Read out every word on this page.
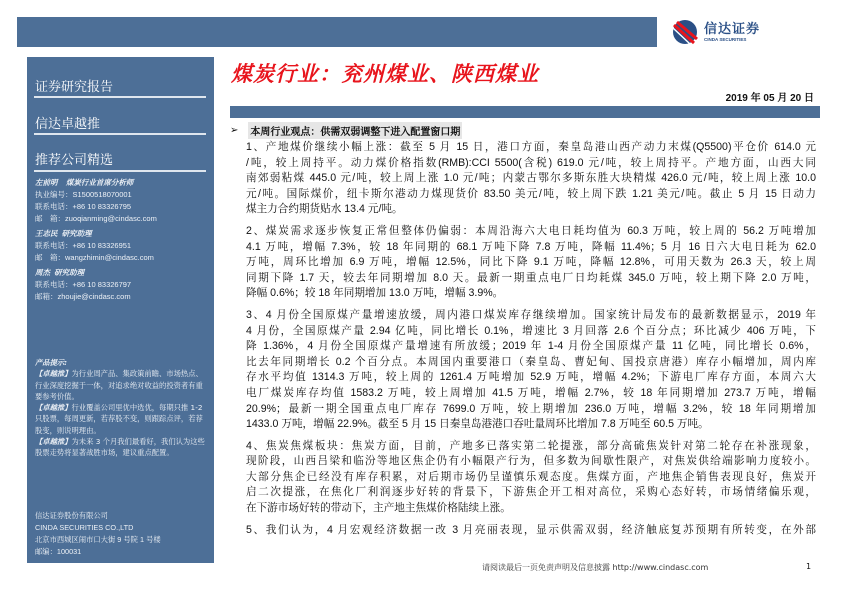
信达证券
CINDA SECURITIES
证券研究报告
信达卓越推
推荐公司精选
左前明 煤炭行业首席分析师
执业编号：S1500518070001
联系电话：+86 10 83326795
邮　箱：zuoqianming@cindasc.com
王志民 研究助理
联系电话：+86 10 83326951
邮　箱：wangzhimin@cindasc.com
周杰 研究助理
联系电话：+86 10 83326797
邮箱：zhoujie@cindasc.com
产品提示:
【卓越推】为行业周产品、集政策前瞻、市场热点、行业深度挖掘于一体，对追求绝对收益的投资者有重要参考价值。
【卓越推】行业覆盖公司里优中选优，每期只推 1-2 只股票，每周更新，若荐股不变，则跟踪点评，若荐股变，则说明理由。
【卓越推】为未来 3 个月我们最看好，我们认为这些股票走势将显著战胜市场，建议重点配置。
信达证券股份有限公司
CINDA SECURITIES CO.,LTD
北京市西城区闹市口大街 9 号院 1 号楼
邮编：100031
煤炭行业：兖州煤业、陕西煤业
2019 年 05 月 20 日
➢ 本周行业观点：供需双弱调整下进入配置窗口期
1、产地煤价继续小幅上涨：截至 5 月 15 日，港口方面，秦皇岛港山西产动力末煤(Q5500)平仓价 614.0 元
/吨，较上周持平。动力煤价格指数(RMB):CCI 5500(含税) 619.0 元/吨，较上周持平。产地方面，山西大同
南郊弱粘煤 445.0 元/吨，较上周上涨 1.0 元/吨；内蒙古鄂尔多斯东胜大块精煤 426.0 元/吨，较上周上涨 10.0
元/吨。国际煤价，纽卡斯尔港动力煤现货价 83.50 美元/吨，较上周下跌 1.21 美元/吨。截止 5 月 15 日动力
煤主力合约期货贴水 13.4 元/吨。
2、煤炭需求逐步恢复正常但整体仍偏弱：本周沿海六大电日耗均值为 60.3 万吨，较上周的 56.2 万吨增加
4.1 万吨，增幅 7.3%，较 18 年同期的 68.1 万吨下降 7.8 万吨，降幅 11.4%；5 月 16 日六大电日耗为 62.0
万吨，周环比增加 6.9 万吨，增幅 12.5%，同比下降 9.1 万吨，降幅 12.8%，可用天数为 26.3 天，较上周
同期下降 1.7 天，较去年同期增加 8.0 天。最新一期重点电厂日均耗煤 345.0 万吨，较上期下降 2.0 万吨，
降幅 0.6%；较 18 年同期增加 13.0 万吨，增幅 3.9%。
3、4 月份全国原煤产量增速放缓，周内港口煤炭库存继续增加。国家统计局发布的最新数据显示，2019 年
4 月份，全国原煤产量 2.94 亿吨，同比增长 0.1%，增速比 3 月回落 2.6 个百分点；环比减少 406 万吨，下
降 1.36%，4 月份全国原煤产量增速有所放缓；2019 年 1-4 月份全国原煤产量 11 亿吨，同比增长 0.6%，
比去年同期增长 0.2 个百分点。本周国内重要港口（秦皇岛、曹妃甸、国投京唐港）库存小幅增加，周内库
存水平均值 1314.3 万吨，较上周的 1261.4 万吨增加 52.9 万吨，增幅 4.2%；下游电厂库存方面，本周六大
电厂煤炭库存均值 1583.2 万吨，较上周增加 41.5 万吨，增幅 2.7%，较 18 年同期增加 273.7 万吨，增幅
20.9%；最新一期全国重点电厂库存 7699.0 万吨，较上期增加 236.0 万吨，增幅 3.2%，较 18 年同期增加
1433.0 万吨，增幅 22.9%。截至 5 月 15 日秦皇岛港港口吞吐量周环比增加 7.8 万吨至 60.5 万吨。
4、焦炭焦煤板块：焦炭方面，目前，产地多已落实第二轮提涨，部分高硫焦炭针对第二轮存在补涨现象，
现阶段，山西吕梁和临汾等地区焦企仍有小幅限产行为，但多数为间歇性限产，对焦炭供给端影响力度较小。
大部分焦企已经没有库存积累，对后期市场仍呈谨慎乐观态度。焦煤方面，产地焦企销售表现良好，焦炭开
启二次提涨，在焦化厂利润逐步好转的背景下，下游焦企开工相对高位，采购心态好转，市场情绪偏乐观，
在下游市场好转的带动下，主产地主焦煤价格陆续上涨。
5、我们认为，4 月宏观经济数据一改 3 月亮丽表现，显示供需双弱，经济触底复苏预期有所转变，在外部
请阅读最后一页免责声明及信息披露 http://www.cindasc.com	1
